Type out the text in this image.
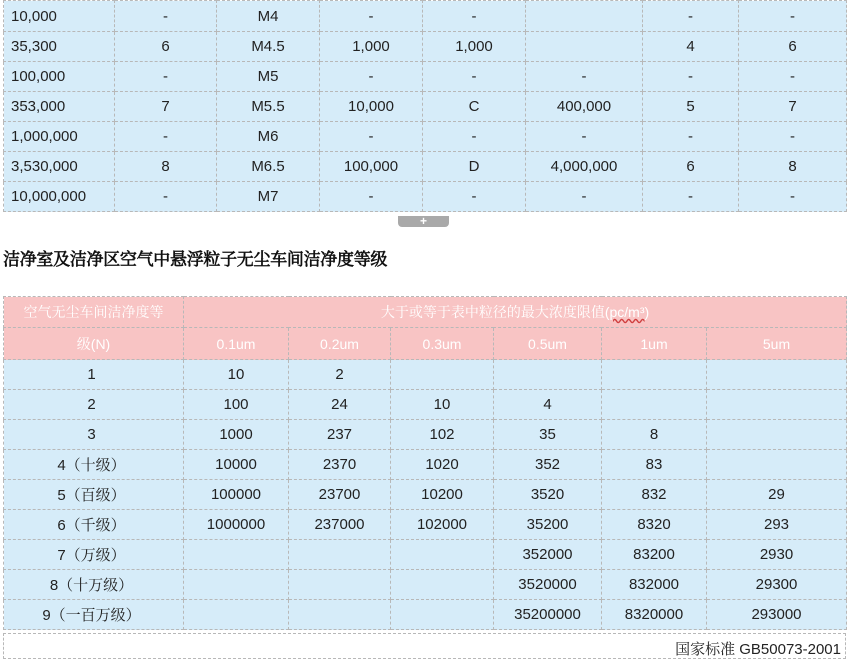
10,000	-	M4	-	-		-	-
35,300	6	M4.5	1,000	1,000		4	6
100,000	-	M5	-	-	-	-	-
353,000	7	M5.5	10,000	C	400,000	5	7
1,000,000	-	M6	-	-	-	-	-
3,530,000	8	M6.5	100,000	D	4,000,000	6	8
10,000,000	-	M7	-	-	-	-	-
+
洁净室及洁净区空气中悬浮粒子无尘车间洁净度等级
空气无尘车间洁净度等	大于或等于表中粒径的最大浓度限值(pc/m³)					
级(N)	0.1um	0.2um	0.3um	0.5um	1um	5um
1	10	2				
2	100	24	10	4		
3	1000	237	102	35	8	
4（十级）	10000	2370	1020	352	83	
5（百级）	100000	23700	10200	3520	832	29
6（千级）	1000000	237000	102000	35200	8320	293
7（万级）				352000	83200	2930
8（十万级）				3520000	832000	29300
9（一百万级）				35200000	8320000	293000
国家标准 GB50073-2001
